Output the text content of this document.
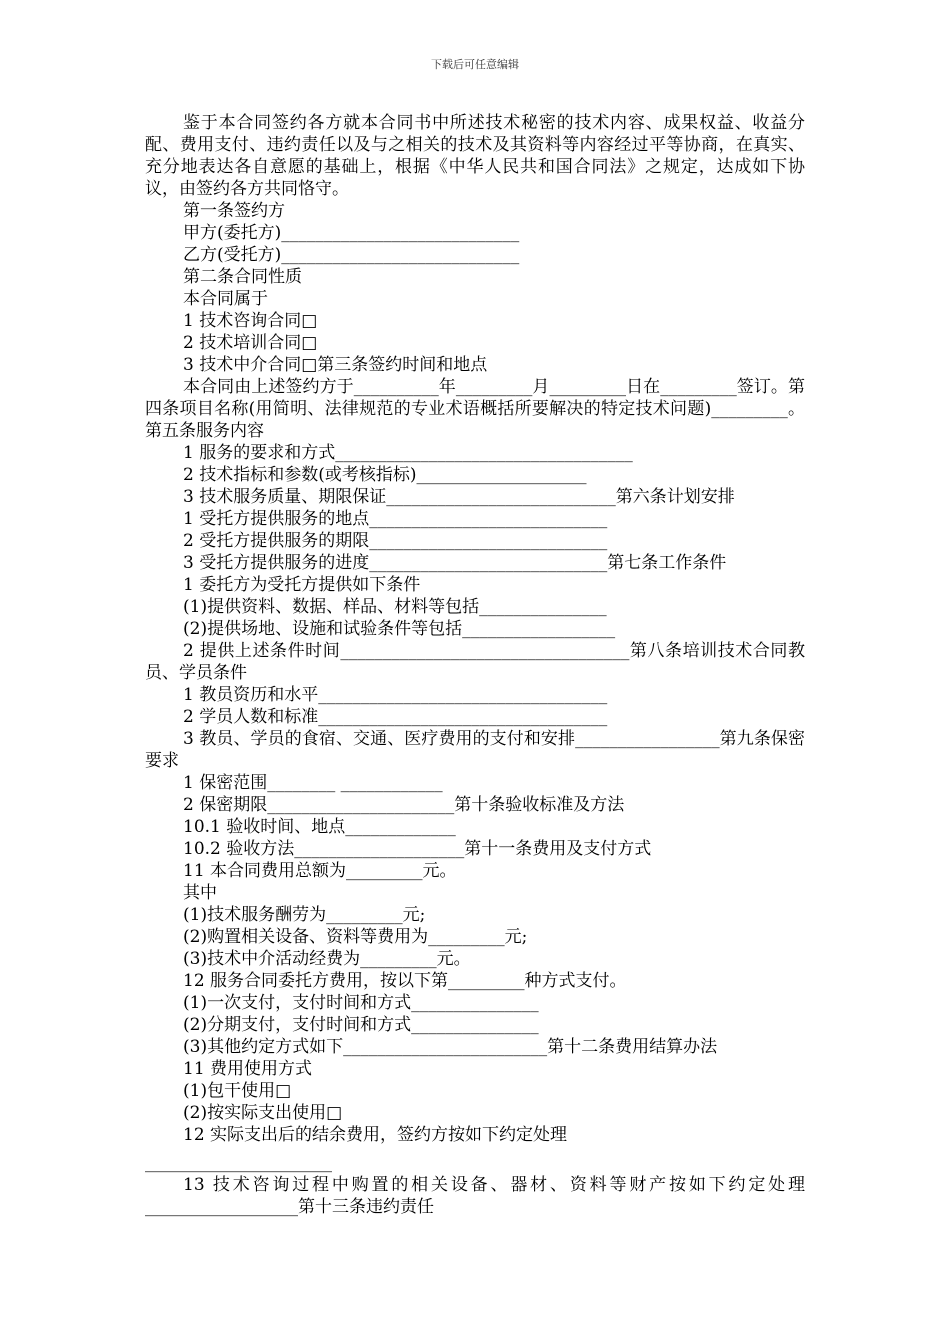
下载后可任意编辑

鉴于本合同签约各方就本合同书中所述技术秘密的技术内容、成果权益、收益分配、费用支付、违约责任以及与之相关的技术及其资料等内容经过平等协商，在真实、充分地表达各自意愿的基础上，根据《中华人民共和国合同法》之规定，达成如下协议，由签约各方共同恪守。

第一条签约方

甲方(委托方)____________________________

乙方(受托方)____________________________

第二条合同性质

本合同属于

1 技术咨询合同□

2 技术培训合同□

3 技术中介合同□第三条签约时间和地点

本合同由上述签约方于__________年_________月_________日在_________签订。第四条项目名称(用简明、法律规范的专业术语概括所要解决的特定技术问题)_________。第五条服务内容

1 服务的要求和方式___________________________________

2 技术指标和参数(或考核指标)____________________

3 技术服务质量、期限保证___________________________第六条计划安排

1 受托方提供服务的地点____________________________

2 受托方提供服务的期限____________________________

3 受托方提供服务的进度____________________________第七条工作条件

1 委托方为受托方提供如下条件

(1)提供资料、数据、样品、材料等包括_______________

(2)提供场地、设施和试验条件等包括__________________

2 提供上述条件时间__________________________________第八条培训技术合同教员、学员条件

1 教员资历和水平__________________________________

2 学员人数和标准__________________________________

3 教员、学员的食宿、交通、医疗费用的支付和安排_________________第九条保密要求

1 保密范围________ ____________

2 保密期限______________________第十条验收标准及方法

10.1 验收时间、地点_____________

10.2 验收方法____________________第十一条费用及支付方式

11 本合同费用总额为_________元。

其中

(1)技术服务酬劳为_________元;

(2)购置相关设备、资料等费用为_________元;

(3)技术中介活动经费为_________元。

12 服务合同委托方费用，按以下第_________种方式支付。

(1)一次支付，支付时间和方式_______________

(2)分期支付，支付时间和方式_______________

(3)其他约定方式如下________________________第十二条费用结算办法

11 费用使用方式

(1)包干使用□

(2)按实际支出使用□

12 实际支出后的结余费用，签约方按如下约定处理

______________________

13 技术咨询过程中购置的相关设备、器材、资料等财产按如下约定处理__________________第十三条违约责任
